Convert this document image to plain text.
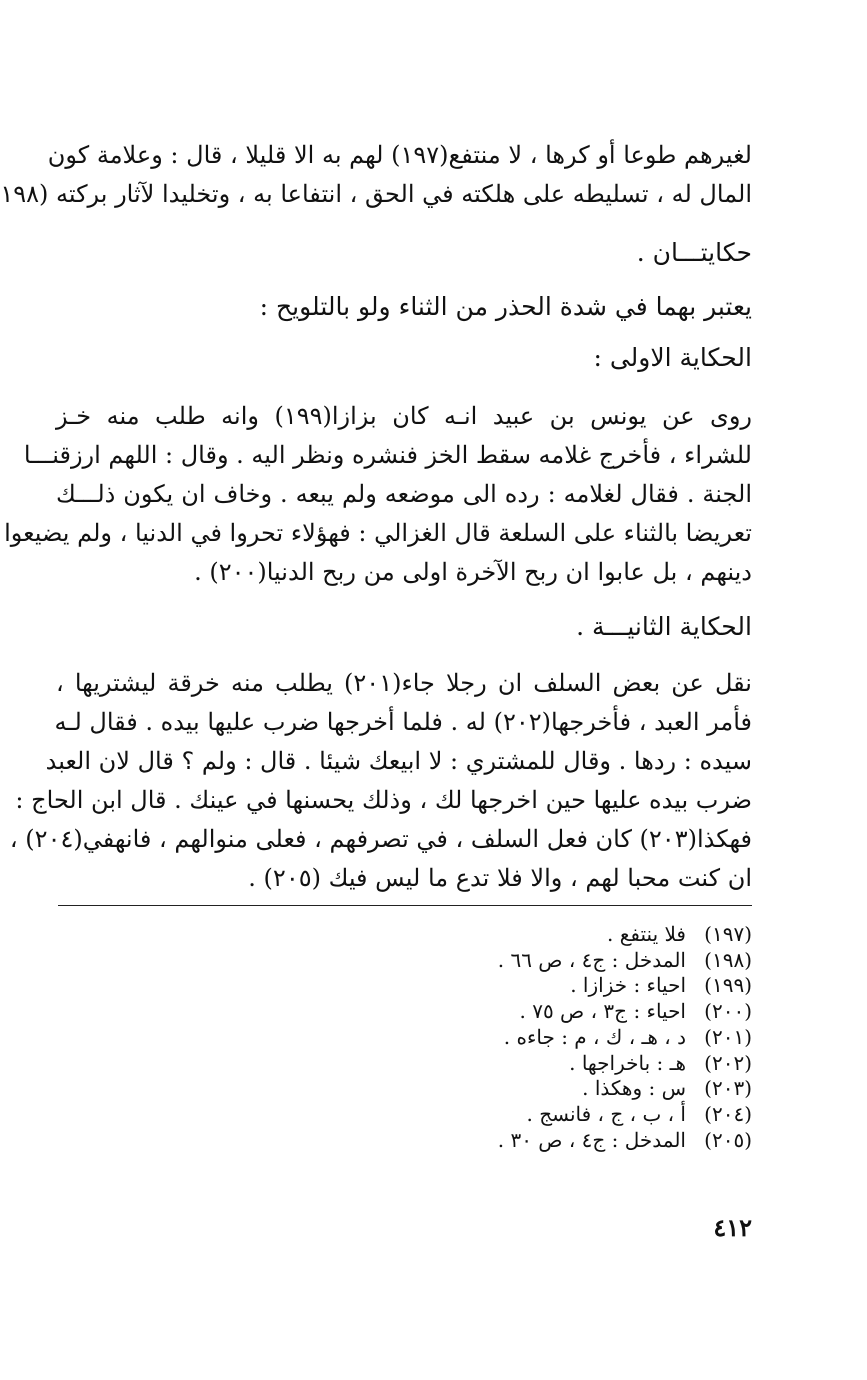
لغيرهم طوعا أو كرها ، لا منتفع(١٩٧) لهم به الا قليلا ، قال : وعلامة كون
المال له ، تسليطه على هلكته في الحق ، انتفاعا به ، وتخليدا لآثار بركته (١٩٨
حكايتـــان .
يعتبر بهما في شدة الحذر من الثناء ولو بالتلويح :
الحكاية الاولى :
روى عن يونس بن عبيد انـه كان بزازا(١٩٩) وانه طلب منه خـز
للشراء ، فأخرج غلامه سقط الخز فنشره ونظر اليه . وقال : اللهم ارزقنـــا
الجنة . فقال لغلامه : رده الى موضعه ولم يبعه . وخاف ان يكون ذلـــك
تعريضا بالثناء على السلعة قال الغزالي : فهؤلاء تحروا في الدنيا ، ولم يضيعوا
دينهم ، بل عابوا ان ربح الآخرة اولى من ربح الدنيا(٢٠٠) .
الحكاية الثانيـــة .
نقل عن بعض السلف ان رجلا جاء(٢٠١) يطلب منه خرقة ليشتريها ،
فأمر العبد ، فأخرجها(٢٠٢) له . فلما أخرجها ضرب عليها بيده . فقال لـه
سيده : ردها . وقال للمشتري : لا ابيعك شيئا . قال : ولم ؟ قال لان العبد
ضرب بيده عليها حين اخرجها لك ، وذلك يحسنها في عينك . قال ابن الحاج :
فهكذا(٢٠٣) كان فعل السلف ، في تصرفهم ، فعلى منوالهم ، فانهفي(٢٠٤) ،
ان كنت محبا لهم ، والا فلا تدع ما ليس فيك (٢٠٥) .
(١٩٧)
فلا ينتفع .
(١٩٨)
المدخل : ج٤ ، ص ٦٦ .
(١٩٩)
احياء : خزازا .
(٢٠٠)
احياء : ج٣ ، ص ٧٥ .
(٢٠١)
د ، هـ ، ك ، م : جاءه .
(٢٠٢)
هـ : باخراجها .
(٢٠٣)
س : وهكذا .
(٢٠٤)
أ ، ب ، ج ، فانسج .
(٢٠٥)
المدخل : ج٤ ، ص ٣٠ .
٤١٢
